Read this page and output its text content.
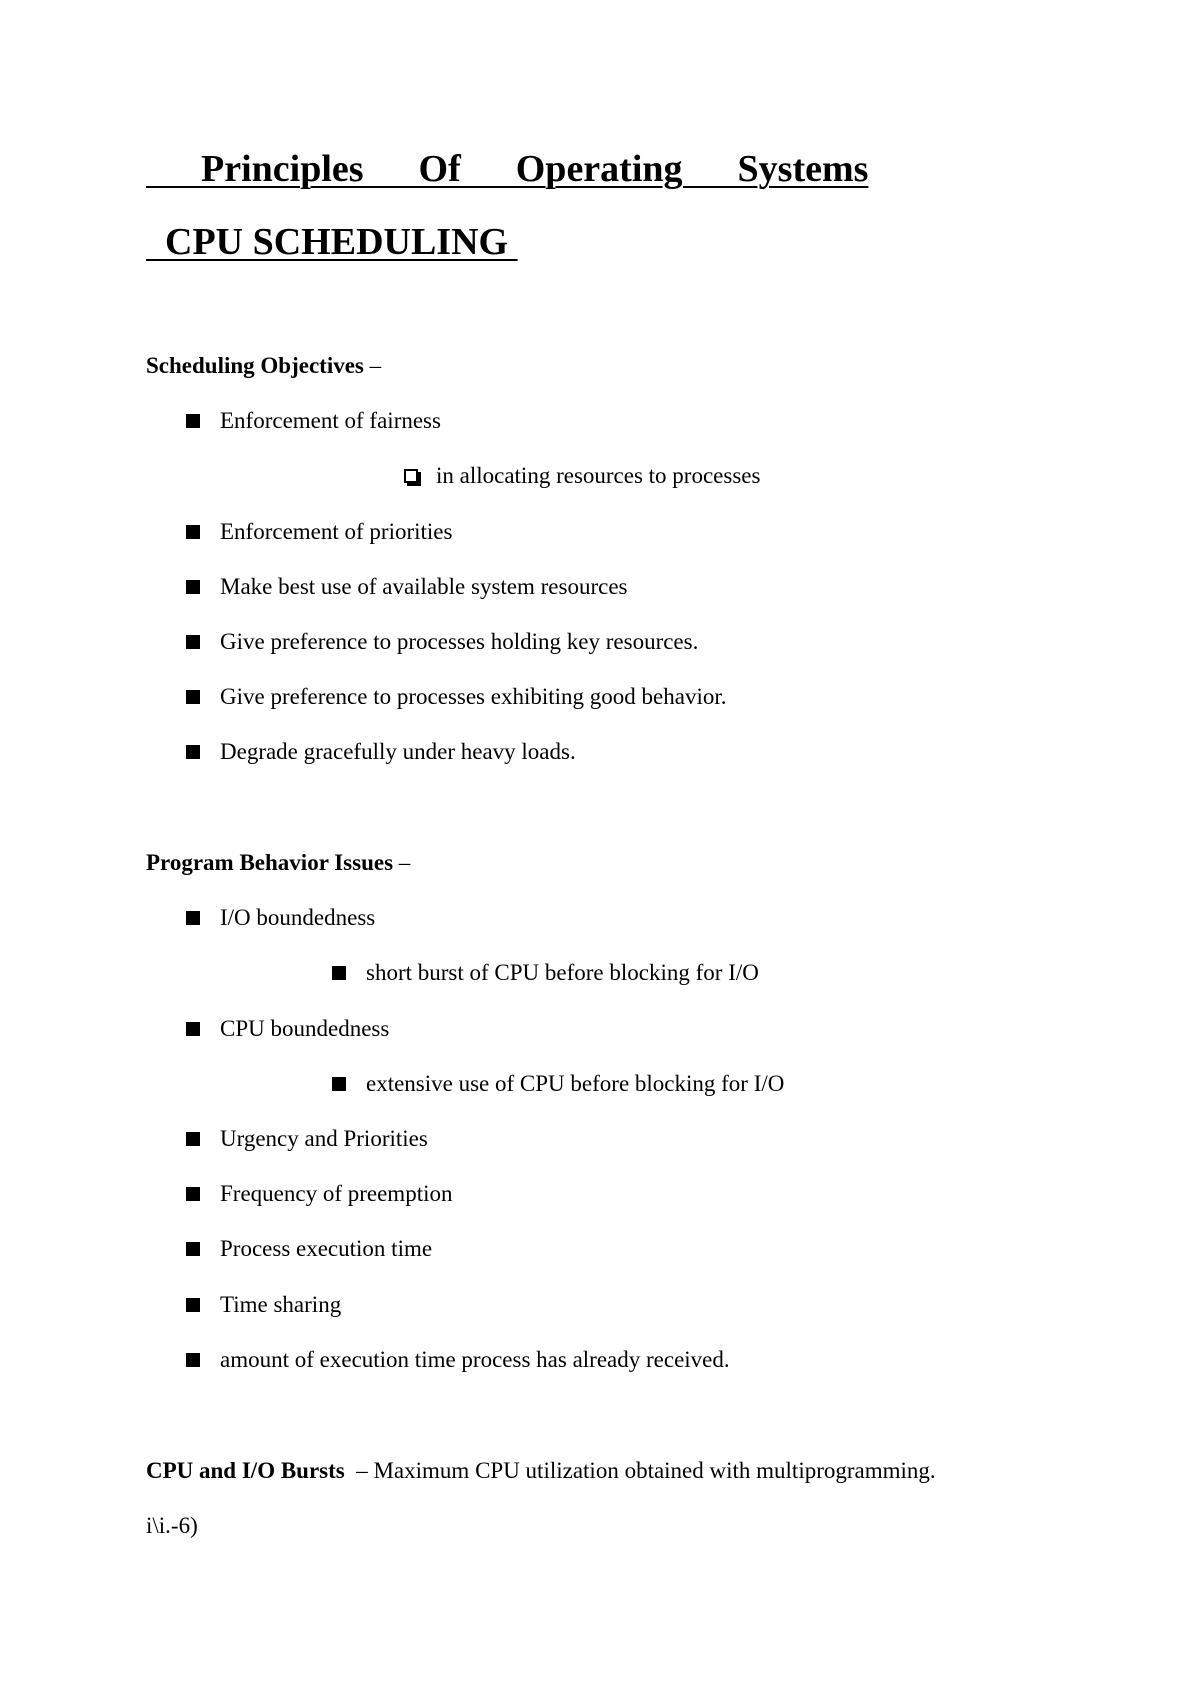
Principles  Of  Operating  Systems
CPU SCHEDULING
Scheduling Objectives –
Enforcement of fairness
in allocating resources to processes
Enforcement of priorities
Make best use of available system resources
Give preference to processes holding key resources.
Give preference to processes exhibiting good behavior.
Degrade gracefully under heavy loads.
Program Behavior Issues –
I/O boundedness
short burst of CPU before blocking for I/O
CPU boundedness
extensive use of CPU before blocking for I/O
Urgency and Priorities
Frequency of preemption
Process execution time
Time sharing
amount of execution time process has already received.
CPU and I/O Bursts  – Maximum CPU utilization obtained with multiprogramming.
i\i.-6)
